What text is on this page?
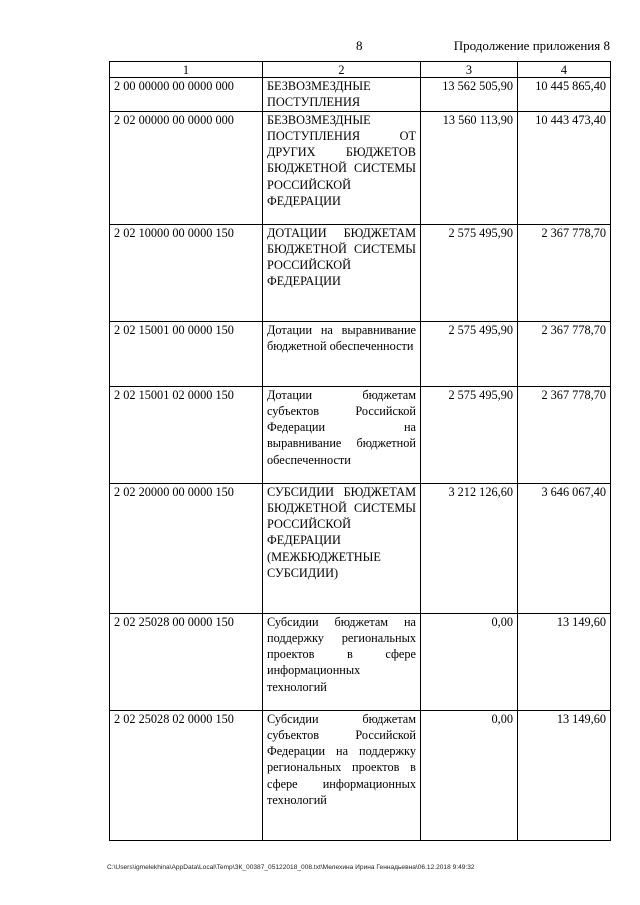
8	Продолжение приложения 8
1	2	3	4
2 00 00000 00 0000 000	БЕЗВОЗМЕЗДНЫЕ ПОСТУПЛЕНИЯ	13 562 505,90	10 445 865,40
2 02 00000 00 0000 000	БЕЗВОЗМЕЗДНЫЕ ПОСТУПЛЕНИЯ ОТ ДРУГИХ БЮДЖЕТОВ БЮДЖЕТНОЙ СИСТЕМЫ РОССИЙСКОЙ ФЕДЕРАЦИИ	13 560 113,90	10 443 473,40
2 02 10000 00 0000 150	ДОТАЦИИ БЮДЖЕТАМ БЮДЖЕТНОЙ СИСТЕМЫ РОССИЙСКОЙ ФЕДЕРАЦИИ	2 575 495,90	2 367 778,70
2 02 15001 00 0000 150	Дотации на выравнивание бюджетной обеспеченности	2 575 495,90	2 367 778,70
2 02 15001 02 0000 150	Дотации бюджетам субъектов Российской Федерации на выравнивание бюджетной обеспеченности	2 575 495,90	2 367 778,70
2 02 20000 00 0000 150	СУБСИДИИ БЮДЖЕТАМ БЮДЖЕТНОЙ СИСТЕМЫ РОССИЙСКОЙ ФЕДЕРАЦИИ (МЕЖБЮДЖЕТНЫЕ СУБСИДИИ)	3 212 126,60	3 646 067,40
2 02 25028 00 0000 150	Субсидии бюджетам на поддержку региональных проектов в сфере информационных технологий	0,00	13 149,60
2 02 25028 02 0000 150	Субсидии бюджетам субъектов Российской Федерации на поддержку региональных проектов в сфере информационных технологий	0,00	13 149,60
C:\Users\igmelekhina\AppData\Local\Temp\ЗК_00387_05122018_008.txt\Мелехина Ирина Геннадьевна\06.12.2018 9:49:32
